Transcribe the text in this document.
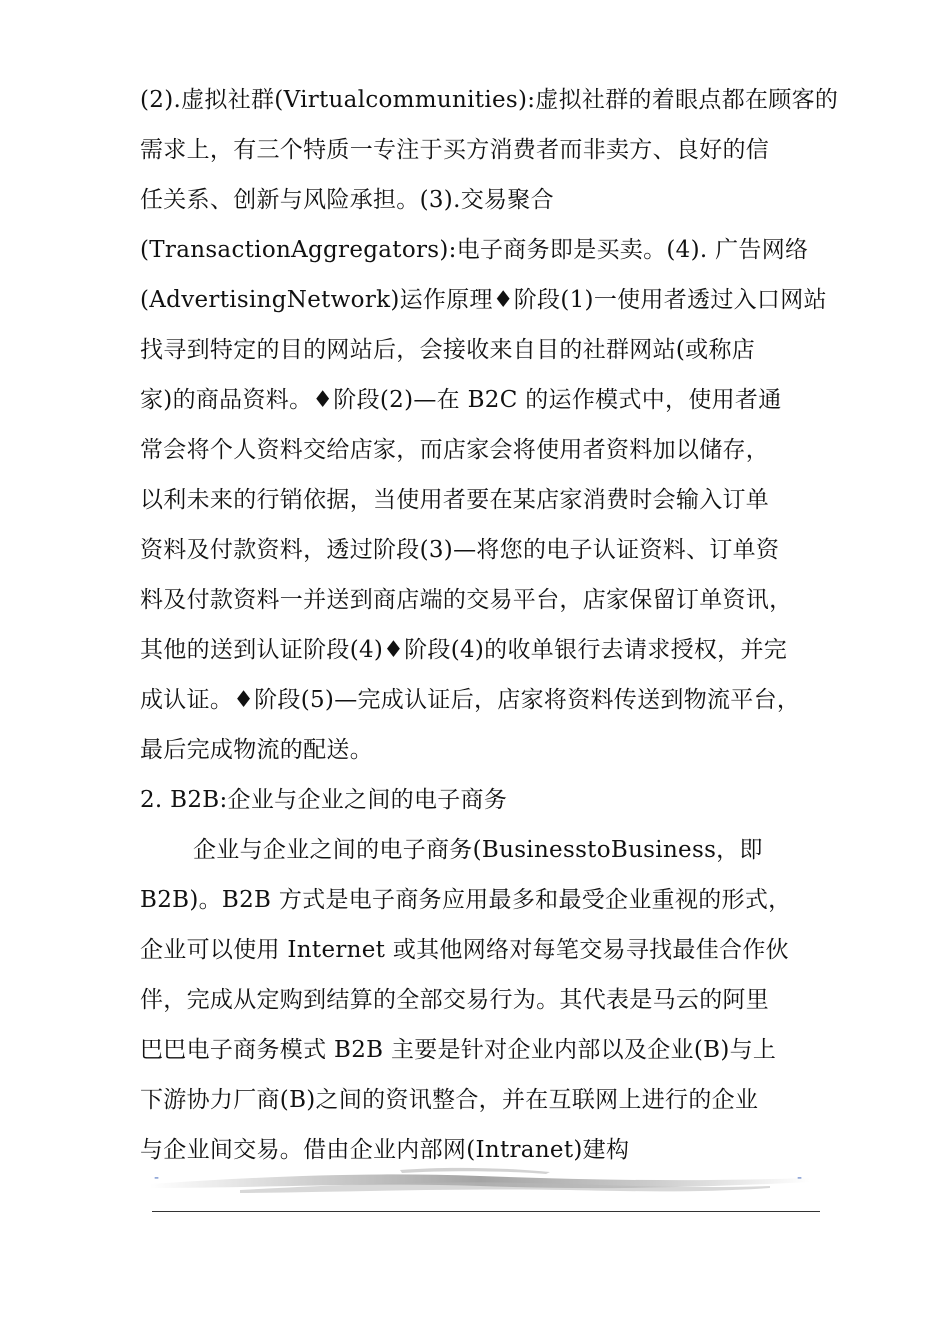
(2).虚拟社群(Virtualcommunities):虚拟社群的着眼点都在顾客的
需求上，有三个特质一专注于买方消费者而非卖方、良好的信
任关系、创新与风险承担。(3).交易聚合
(TransactionAggregators):电子商务即是买卖。(4). 广告网络
(AdvertisingNetwork)运作原理♦阶段(1)一使用者透过入口网站
找寻到特定的目的网站后，会接收来自目的社群网站(或称店
家)的商品资料。♦阶段(2)—在 B2C 的运作模式中，使用者通
常会将个人资料交给店家，而店家会将使用者资料加以储存，
以利未来的行销依据，当使用者要在某店家消费时会输入订单
资料及付款资料，透过阶段(3)—将您的电子认证资料、订单资
料及付款资料一并送到商店端的交易平台，店家保留订单资讯，
其他的送到认证阶段(4)♦阶段(4)的收单银行去请求授权，并完
成认证。♦阶段(5)—完成认证后，店家将资料传送到物流平台，
最后完成物流的配送。
2. B2B:企业与企业之间的电子商务
企业与企业之间的电子商务(BusinesstoBusiness，即
B2B)。B2B 方式是电子商务应用最多和最受企业重视的形式，
企业可以使用 Internet 或其他网络对每笔交易寻找最佳合作伙
伴，完成从定购到结算的全部交易行为。其代表是马云的阿里
巴巴电子商务模式 B2B 主要是针对企业内部以及企业(B)与上
下游协力厂商(B)之间的资讯整合，并在互联网上进行的企业
与企业间交易。借由企业内部网(Intranet)建构
-	-
